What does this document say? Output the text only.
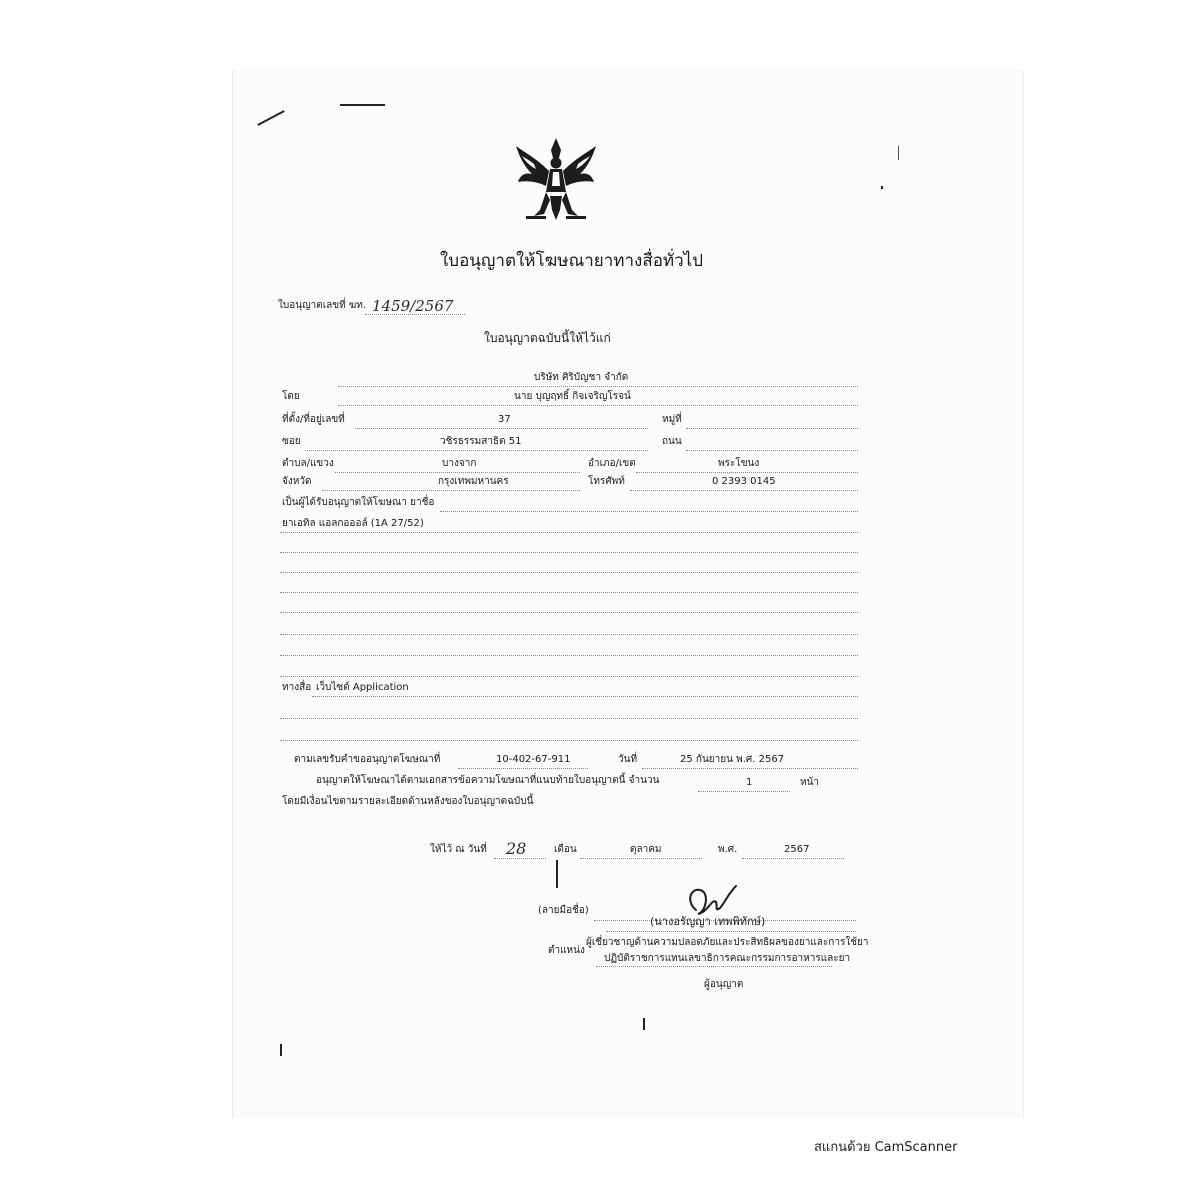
ใบอนุญาตให้โฆษณายาทางสื่อทั่วไป
ใบอนุญาตเลขที่ ฆท. 1459/2567
ใบอนุญาตฉบับนี้ให้ไว้แก่
บริษัท ศิริบัญชา จำกัด
โดย	นาย บุญฤทธิ์ กิจเจริญโรจน์
ที่ตั้ง/ที่อยู่เลขที่	37	หมู่ที่
ซอย	วชิรธรรมสาธิต 51	ถนน
ตำบล/แขวง	บางจาก	อำเภอ/เขต	พระโขนง
จังหวัด	กรุงเทพมหานคร	โทรศัพท์	0 2393 0145
เป็นผู้ได้รับอนุญาตให้โฆษณา ยาชื่อ
ยาเอทิล แอลกอออล์ (1A 27/52)
ทางสื่อ เว็บไซต์ Application
ตามเลขรับคำขออนุญาตโฆษณาที่	10-402-67-911	วันที่	25 กันยายน พ.ศ. 2567
อนุญาตให้โฆษณาได้ตามเอกสารข้อความโฆษณาที่แนบท้ายใบอนุญาตนี้ จำนวน	1	หน้า
โดยมีเงื่อนไขตามรายละเอียดด้านหลังของใบอนุญาตฉบับนี้
ให้ไว้ ณ วันที่ 28	เดือน	ตุลาคม	พ.ศ.	2567
(ลายมือชื่อ)
(นางอรัญญา เทพพิทักษ์)
ตำแหน่ง
ผู้เชี่ยวชาญด้านความปลอดภัยและประสิทธิผลของยาและการใช้ยา
ปฏิบัติราชการแทนเลขาธิการคณะกรรมการอาหารและยา
ผู้อนุญาต
สแกนด้วย CamScanner
